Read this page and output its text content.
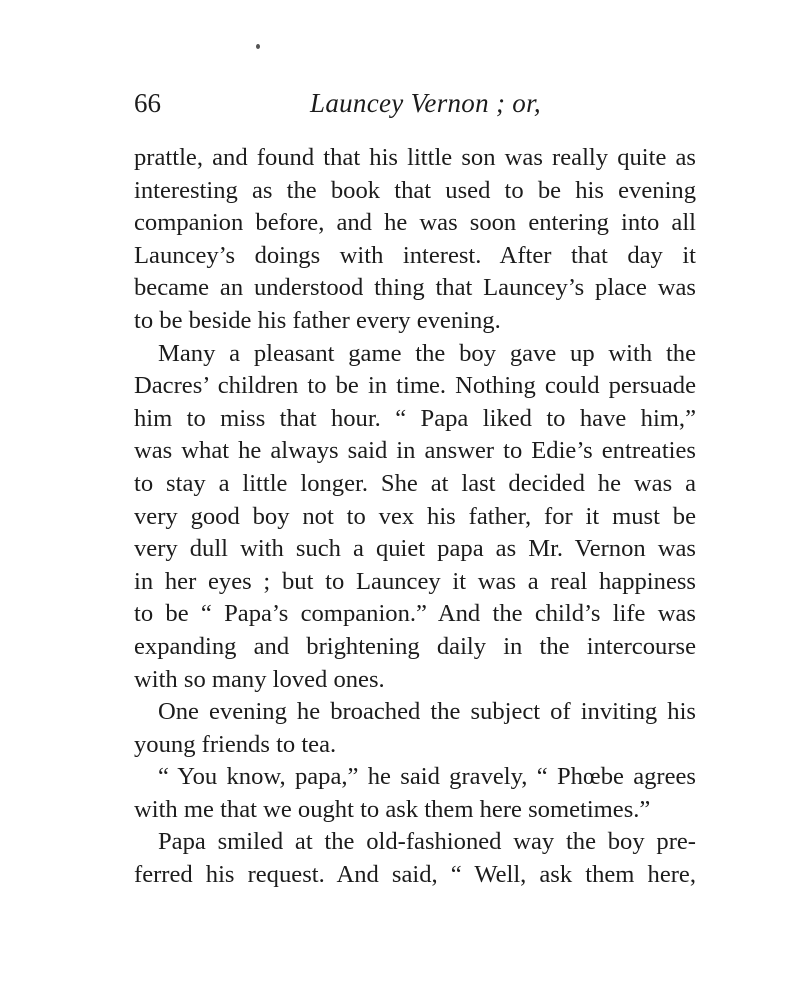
66	Launcey Vernon ; or,
prattle, and found that his little son was really quite as
interesting as the book that used to be his evening
companion before, and he was soon entering into all
Launcey’s doings with interest. After that day it
became an understood thing that Launcey’s place was
to be beside his father every evening.
Many a pleasant game the boy gave up with the
Dacres’ children to be in time. Nothing could persuade
him to miss that hour. “ Papa liked to have him,”
was what he always said in answer to Edie’s entreaties
to stay a little longer. She at last decided he was a
very good boy not to vex his father, for it must be
very dull with such a quiet papa as Mr. Vernon was
in her eyes ; but to Launcey it was a real happiness
to be “ Papa’s companion.” And the child’s life was
expanding and brightening daily in the intercourse
with so many loved ones.
One evening he broached the subject of inviting his
young friends to tea.
“ You know, papa,” he said gravely, “ Phœbe agrees
with me that we ought to ask them here sometimes.”
Papa smiled at the old-fashioned way the boy pre-
ferred his request. And said, “ Well, ask them here,
